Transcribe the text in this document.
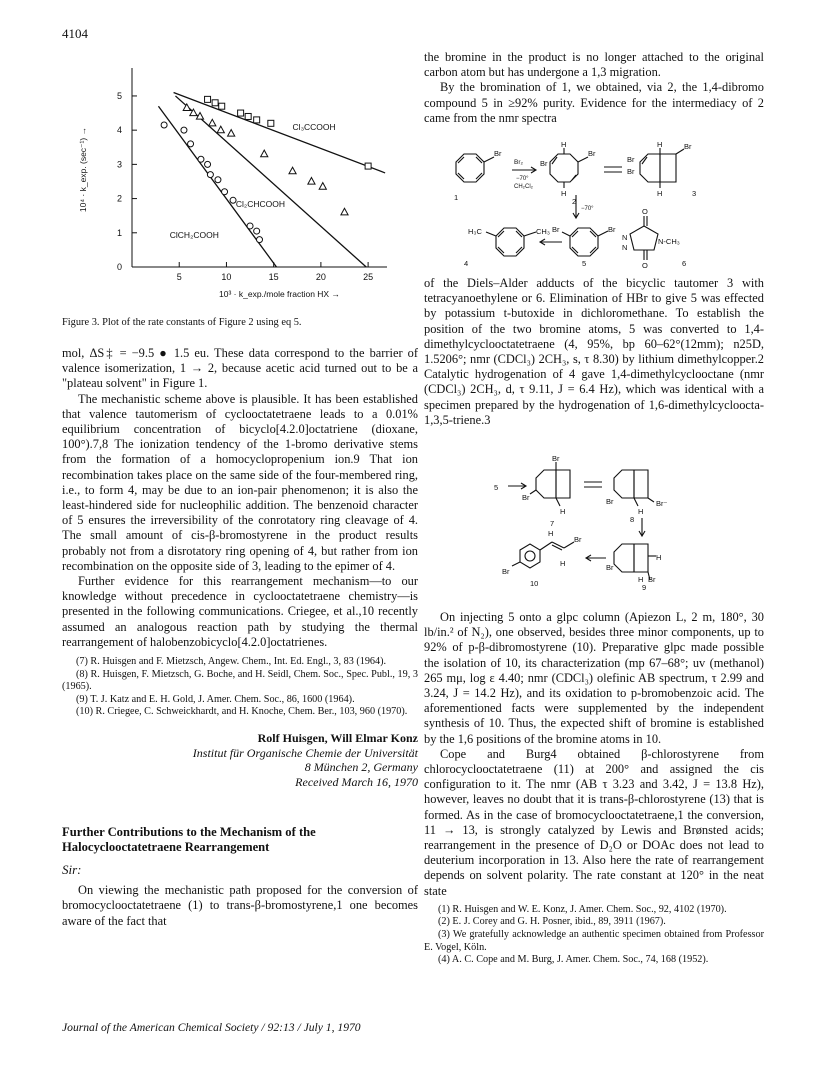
4104
5	10	15	20	25
0
1
2
3
4
5
10³ · k_exp./mole fraction HX →
10⁴ · k_exp. (sec⁻¹) →	Cl₃CCOOH
Cl₂CHCOOH
ClCH₂COOH

Figure 3. Plot of the rate constants of Figure 2 using eq 5.

mol, ΔS‡ = −9.5 ● 1.5 eu. These data correspond to the barrier of valence isomerization, 1 → 2, because acetic acid turned out to be a "plateau solvent" in Figure 1.

The mechanistic scheme above is plausible. It has been established that valence tautomerism of cyclooctatetraene leads to a 0.01% equilibrium concentration of bicyclo[4.2.0]octatriene (dioxane, 100°).7,8 The ionization tendency of the 1-bromo derivative stems from the formation of a homocyclopropenium ion.9 That ion recombination takes place on the same side of the four-membered ring, i.e., to form 4, may be due to an ion-pair phenomenon; it is also the least-hindered side for nucleophilic addition. The benzenoid character of 5 ensures the irreversibility of the conrotatory ring cleavage of 4. The small amount of cis-β-bromostyrene in the product results probably not from a disrotatory ring opening of 4, but rather from ion recombination on the opposite side of 3, leading to the epimer of 4.

Further evidence for this rearrangement mechanism—to our knowledge without precedence in cyclooctatetraene chemistry—is presented in the following communications. Criegee, et al.,10 recently assumed an analogous reaction path by studying the thermal rearrangement of halobenzobicyclo[4.2.0]octatrienes.

(7) R. Huisgen and F. Mietzsch, Angew. Chem., Int. Ed. Engl., 3, 83 (1964).
(8) R. Huisgen, F. Mietzsch, G. Boche, and H. Seidl, Chem. Soc., Spec. Publ., 19, 3 (1965).
(9) T. J. Katz and E. H. Gold, J. Amer. Chem. Soc., 86, 1600 (1964).
(10) R. Criegee, C. Schweickhardt, and H. Knoche, Chem. Ber., 103, 960 (1970).
Rolf Huisgen, Will Elmar Konz
Institut für Organische Chemie der Universität
8 München 2, Germany
Received March 16, 1970
Further Contributions to the Mechanism of the Halocyclooctatetraene Rearrangement
Sir:

On viewing the mechanistic path proposed for the conversion of bromocyclooctatetraene (1) to trans-β-bromostyrene,1 one becomes aware of the fact that

the bromine in the product is no longer attached to the original carbon atom but has undergone a 1,3 migration.

By the bromination of 1, we obtained, via 2, the 1,4-dibromo compound 5 in ≥92% purity. Evidence for the intermediacy of 2 came from the nmr spectra

Br
Br₂
−70°
CH₂Cl₂
Br
H
H
Br
Br
Br
H
H
Br
−70°
H₃C	CH₃ Br	Br
O
O
N
N
N-CH₃
1	2
3
4	5	6

of the Diels–Alder adducts of the bicyclic tautomer 3 with tetracyanoethylene or 6. Elimination of HBr to give 5 was effected by potassium t-butoxide in dichloromethane. To establish the position of the two bromine atoms, 5 was converted to 1,4-dimethylcyclooctatetraene (4, 95%, bp 60–62°(12mm); n25D, 1.5206°; nmr (CDCl₃) 2CH₃, s, τ 8.30) by lithium dimethylcopper.2 Catalytic hydrogenation of 4 gave 1,4-dimethylcyclooctane (nmr (CDCl₃) 2CH₃, d, τ 9.11, J = 6.4 Hz), which was identical with a specimen prepared by the hydrogenation of 1,6-dimethylcycloocta-1,3,5-triene.3

5
Br
Br
H
7
Br
H
Br⁻
8
H
Br
Br
H
10
Br
H
H Br
9

On injecting 5 onto a glpc column (Apiezon L, 2 m, 180°, 30 lb/in.² of N₂), one observed, besides three minor components, up to 92% of p-β-dibromostyrene (10). Preparative glpc made possible the isolation of 10, its characterization (mp 67–68°; uv (methanol) 265 mμ, log ε 4.40; nmr (CDCl₃) olefinic AB spectrum, τ 2.99 and 3.24, J = 14.2 Hz), and its oxidation to p-bromobenzoic acid. The aforementioned facts were supplemented by the independent synthesis of 10. Thus, the expected shift of bromine is established by the 1,6 positions of the bromine atoms in 10.

Cope and Burg4 obtained β-chlorostyrene from chlorocyclooctatetraene (11) at 200° and assigned the cis configuration to it. The nmr (AB τ 3.23 and 3.42, J = 13.8 Hz), however, leaves no doubt that it is trans-β-chlorostyrene (13) that is formed. As in the case of bromocyclooctatetraene,1 the conversion, 11 → 13, is strongly catalyzed by Lewis and Brønsted acids; rearrangement in the presence of D₂O or DOAc does not lead to deuterium incorporation in 13. Also here the rate of rearrangement depends on solvent polarity. The rate constant at 120° in the neat state

(1) R. Huisgen and W. E. Konz, J. Amer. Chem. Soc., 92, 4102 (1970).
(2) E. J. Corey and G. H. Posner, ibid., 89, 3911 (1967).
(3) We gratefully acknowledge an authentic specimen obtained from Professor E. Vogel, Köln.
(4) A. C. Cope and M. Burg, J. Amer. Chem. Soc., 74, 168 (1952).
Journal of the American Chemical Society / 92:13 / July 1, 1970
